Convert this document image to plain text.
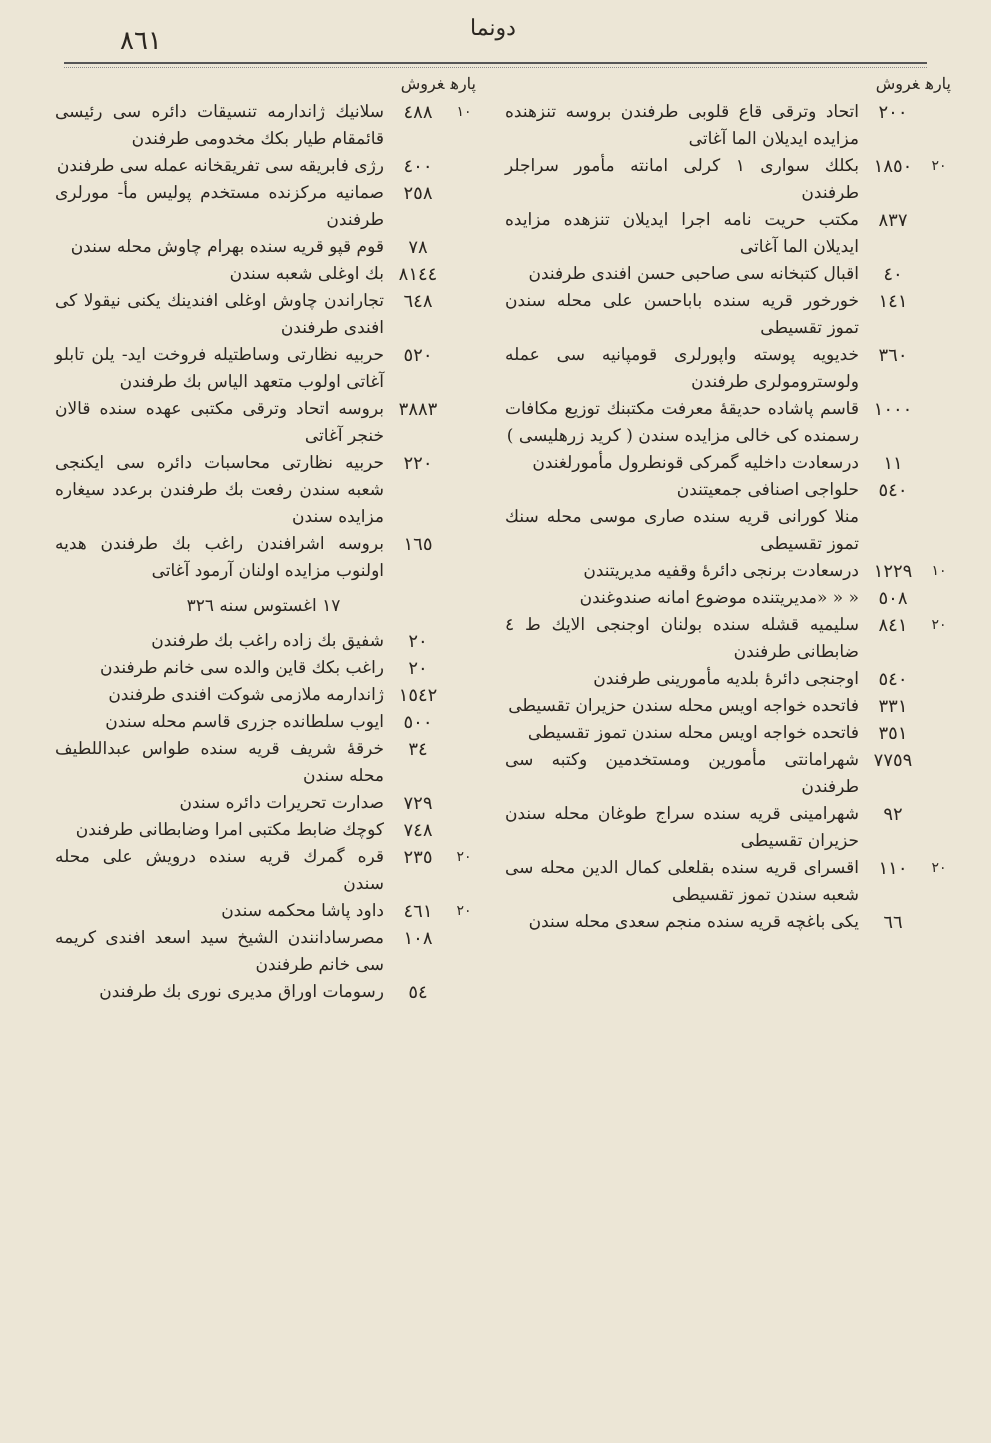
٨٦١	دونما
پارهغروش
٢٠٠
اتحاد وترقی قاع قلوبی طرفندن بروسه تنزهنده مزایده ایدیلان الما آغاتی
٢٠
١٨٥٠
بکلك سواری ١ کرلی امانته مأمور سراجلر طرفندن
٨٣٧
مکتب حریت نامه اجرا ایدیلان تنزهده مزایده ایدیلان الما آغاتی
٤٠
اقبال کتبخانه سی صاحبی حسن افندی طرفندن
١٤١
خورخور قریه سنده باباحسن علی محله سندن تموز تقسیطی
٣٦٠
خدیویه پوسته واپورلری قومپانیه سی عمله ولوسترومولری طرفندن
١٠٠٠
قاسم پاشاده حدیقهٔ معرفت مکتبنك توزیع مکافات رسمنده کی خالی مزایده سندن ( کرید زرهلیسی )
١١
درسعادت داخلیه گمرکی قونطرول مأمورلغندن
٥٤٠
حلواجی اصنافی جمعیتندن
منلا کورانی قریه سنده صاری موسی محله سنك تموز تقسیطی
١٠
١٢٢٩
درسعادت برنجی دائرهٔ وقفیه مدیریتندن
٥٠٨
« « «مدیریتنده موضوع امانه صندوغندن
٢٠
٨٤١
سلیمیه قشله سنده بولنان اوجنجی الایك ط ٤ ضابطانی طرفندن
٥٤٠
اوجنجی دائرهٔ بلدیه مأمورینی طرفندن
٣٣١
فاتحده خواجه اویس محله سندن حزیران تقسیطی
٣٥١
فاتحده خواجه اویس محله سندن تموز تقسیطی
٧٧٥٩
شهرامانتی مأمورین ومستخدمین وکتبه سی طرفندن
٩٢
شهرامینی قریه سنده سراج طوغان محله سندن حزیران تقسیطی
٢٠
١١٠
اقسرای قریه سنده بقلعلی کمال الدین محله سی شعبه سندن تموز تقسیطی
٦٦
یکی باغچه قریه سنده منجم سعدی محله سندن
پارهغروش
١٠
٤٨٨
سلانیك ژاندارمه تنسیقات دائره سی رئیسی قائمقام طیار بکك مخدومی طرفندن
٤٠٠
رژی فابریقه سی تفریقخانه عمله سی طرفندن
٢٥٨
صمانیه مرکزنده مستخدم پولیس مأ- مورلری طرفندن
٧٨
قوم قپو قریه سنده بهرام چاوش محله سندن
٨١٤٤
بك اوغلی شعبه سندن
٦٤٨
تجاراندن چاوش اوغلی افندینك یکنی نیقولا کی افندی طرفندن
٥٢٠
حربیه نظارتی وساطتیله فروخت اید- یلن تابلو آغاتی اولوب متعهد الیاس بك طرفندن
٣٨٨٣
بروسه اتحاد وترقی مکتبی عهده سنده قالان خنجر آغاتی
٢٢٠
حربیه نظارتی محاسبات دائره سی ایکنجی شعبه سندن رفعت بك طرفندن برعدد سیغاره مزایده سندن
١٦٥
بروسه اشرافندن راغب بك طرفندن هدیه اولنوب مزایده اولنان آرمود آغاتی
١٧ اغستوس سنه ٣٢٦
٢٠
شفیق بك زاده راغب بك طرفندن
٢٠
راغب بکك قاین والده سی خانم طرفندن
١٥٤٢
ژاندارمه ملازمی شوکت افندی طرفندن
٥٠٠
ایوب سلطانده جزری قاسم محله سندن
٣٤
خرقهٔ شریف قریه سنده طواس عبداللطیف محله سندن
٧٢٩
صدارت تحریرات دائره سندن
٧٤٨
کوچك ضابط مکتبی امرا وضابطانی طرفندن
٢٠
٢٣٥
قره گمرك قریه سنده درویش علی محله سندن
٢٠
٤٦١
داود پاشا محکمه سندن
١٠٨
مصرسادانندن الشیخ سید اسعد افندی کریمه سی خانم طرفندن
٥٤
رسومات اوراق مدیری نوری بك طرفندن
